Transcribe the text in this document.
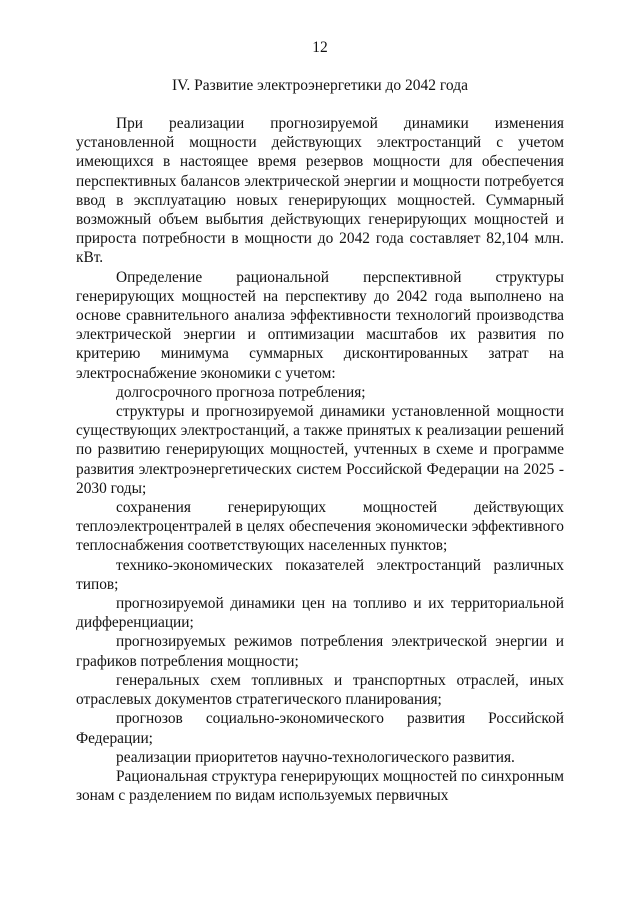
12
IV. Развитие электроэнергетики до 2042 года

При реализации прогнозируемой динамики изменения установленной мощности действующих электростанций с учетом имеющихся в настоящее время резервов мощности для обеспечения перспективных балансов электрической энергии и мощности потребуется ввод в эксплуатацию новых генерирующих мощностей. Суммарный возможный объем выбытия действующих генерирующих мощностей и прироста потребности в мощности до 2042 года составляет 82,104 млн. кВт.

Определение рациональной перспективной структуры генерирующих мощностей на перспективу до 2042 года выполнено на основе сравнительного анализа эффективности технологий производства электрической энергии и оптимизации масштабов их развития по критерию минимума суммарных дисконтированных затрат на электроснабжение экономики с учетом:

долгосрочного прогноза потребления;

структуры и прогнозируемой динамики установленной мощности существующих электростанций, а также принятых к реализации решений по развитию генерирующих мощностей, учтенных в схеме и программе развития электроэнергетических систем Российской Федерации на 2025 - 2030 годы;

сохранения генерирующих мощностей действующих теплоэлектроцентралей в целях обеспечения экономически эффективного теплоснабжения соответствующих населенных пунктов;

технико-экономических показателей электростанций различных типов;

прогнозируемой динамики цен на топливо и их территориальной дифференциации;

прогнозируемых режимов потребления электрической энергии и графиков потребления мощности;

генеральных схем топливных и транспортных отраслей, иных отраслевых документов стратегического планирования;

прогнозов социально-экономического развития Российской Федерации;

реализации приоритетов научно-технологического развития.

Рациональная структура генерирующих мощностей по синхронным зонам с разделением по видам используемых первичных
